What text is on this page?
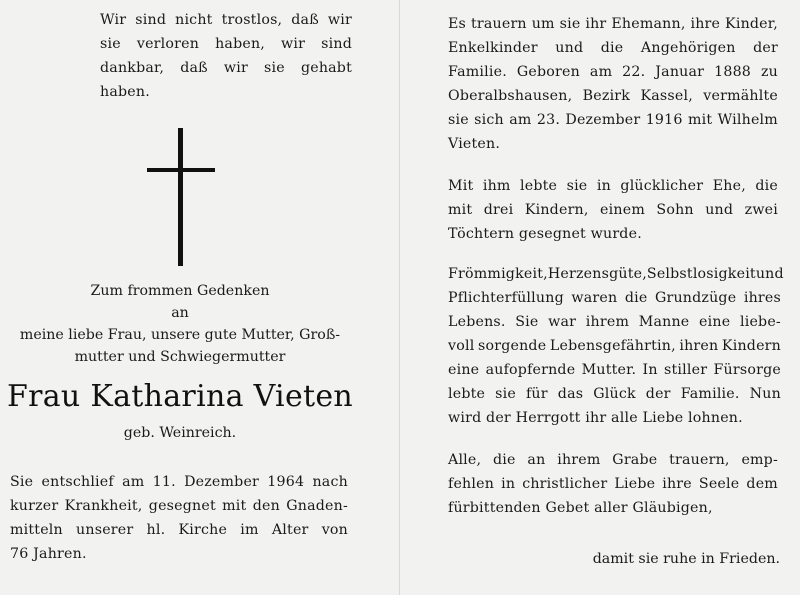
Wir sind nicht trostlos, daß wir
sie verloren haben, wir sind
dankbar, daß wir sie gehabt
haben.
Zum frommen Gedenken
an
meine liebe Frau, unsere gute Mutter, Groß-
mutter und Schwiegermutter
Frau Katharina Vieten
geb. Weinreich.
Sie entschlief am 11. Dezember 1964 nach
kurzer Krankheit, gesegnet mit den Gnaden-
mitteln unserer hl. Kirche im Alter von
76 Jahren.
Es trauern um sie ihr Ehemann, ihre Kinder,
Enkelkinder und die Angehörigen der
Familie. Geboren am 22. Januar 1888 zu
Oberalbshausen, Bezirk Kassel, vermählte
sie sich am 23. Dezember 1916 mit Wilhelm
Vieten.
Mit ihm lebte sie in glücklicher Ehe, die
mit drei Kindern, einem Sohn und zwei
Töchtern gesegnet wurde.
Frömmigkeit,Herzensgüte,Selbstlosigkeit und
Pflichterfüllung waren die Grundzüge ihres
Lebens. Sie war ihrem Manne eine liebe-
voll sorgende Lebensgefährtin, ihren Kindern
eine aufopfernde Mutter. In stiller Fürsorge
lebte sie für das Glück der Familie. Nun
wird der Herrgott ihr alle Liebe lohnen.
Alle, die an ihrem Grabe trauern, emp-
fehlen in christlicher Liebe ihre Seele dem
fürbittenden Gebet aller Gläubigen,
damit sie ruhe in Frieden.
